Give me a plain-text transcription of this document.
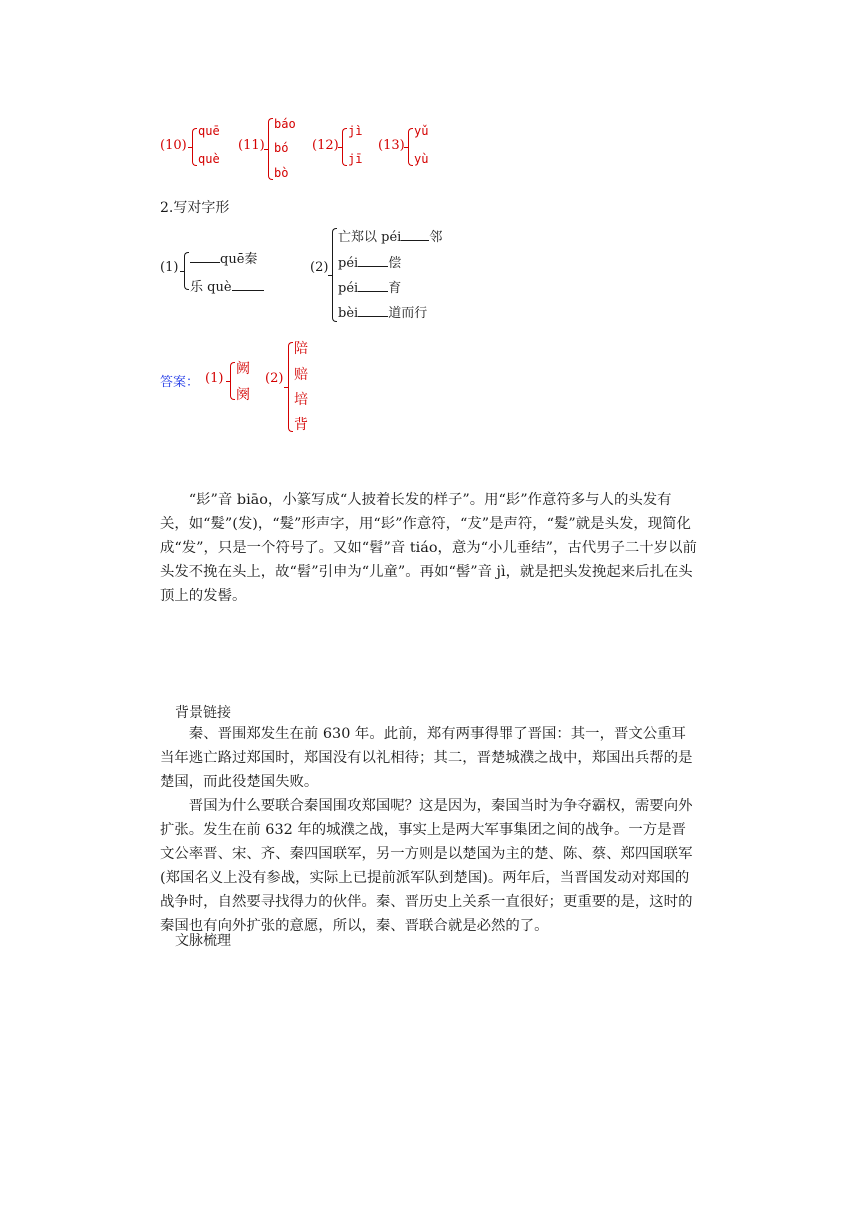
(10)
quē
què
(11)
báo
bó
bò
(12)
jì
jī
(13)
yǔ
yù
2.写对字形
(1)
quē秦
乐 què
(2)
亡郑以 péi 邻
péi 偿
péi 育
bèi 道而行
答案： (1)
阙
阕
(2)
陪
赔
培
背

“髟”音 biāo，小篆写成“人披着长发的样子”。用“髟”作意符多与人的头发有关，如“髮”(发)，“髮”形声字，用“髟”作意符，“犮”是声符，“髮”就是头发，现简化成“发”，只是一个符号了。又如“髫”音 tiáo，意为“小儿垂结”，古代男子二十岁以前头发不挽在头上，故“髫”引申为“儿童”。再如“髻”音 jì，就是把头发挽起来后扎在头顶上的发髻。

背景链接

秦、晋围郑发生在前 630 年。此前，郑有两事得罪了晋国：其一，晋文公重耳当年逃亡路过郑国时，郑国没有以礼相待；其二，晋楚城濮之战中，郑国出兵帮的是楚国，而此役楚国失败。

晋国为什么要联合秦国围攻郑国呢？这是因为，秦国当时为争夺霸权，需要向外扩张。发生在前 632 年的城濮之战，事实上是两大军事集团之间的战争。一方是晋文公率晋、宋、齐、秦四国联军，另一方则是以楚国为主的楚、陈、蔡、郑四国联军(郑国名义上没有参战，实际上已提前派军队到楚国)。两年后，当晋国发动对郑国的战争时，自然要寻找得力的伙伴。秦、晋历史上关系一直很好；更重要的是，这时的秦国也有向外扩张的意愿，所以，秦、晋联合就是必然的了。

文脉梳理
